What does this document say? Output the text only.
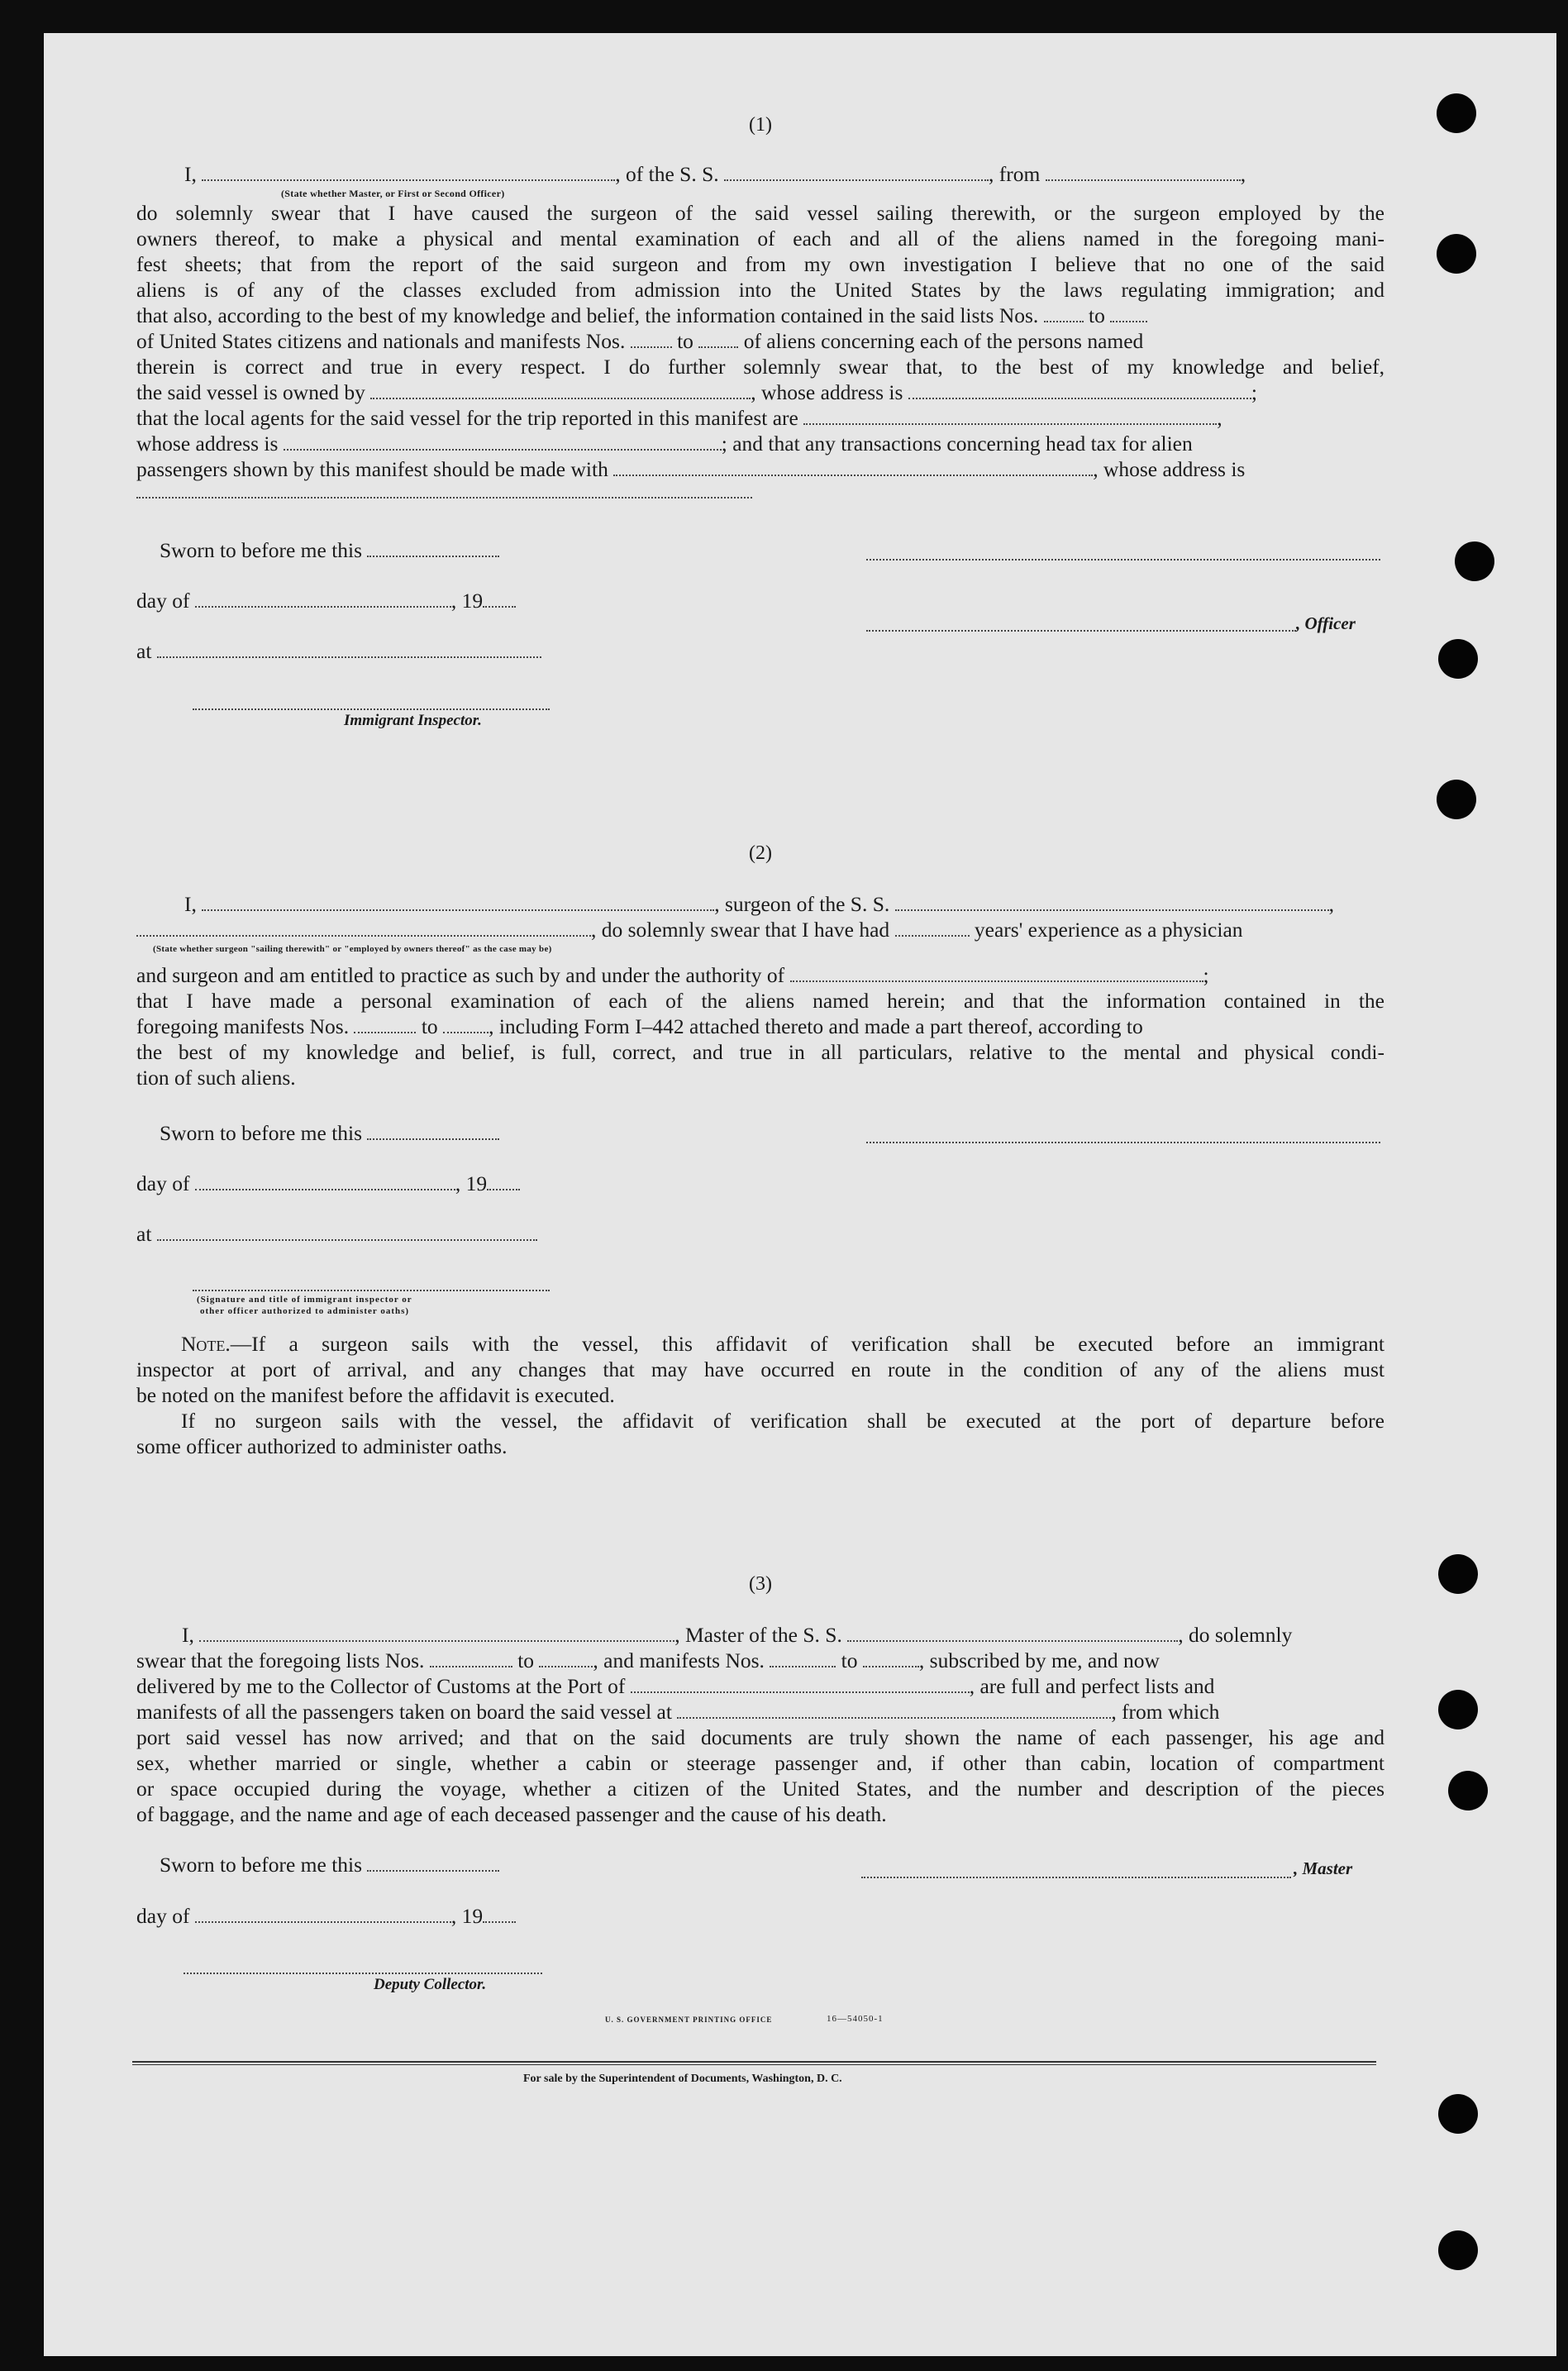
(1)
I,	, of the S. S.	, from	,
(State whether Master, or First or Second Officer)
do solemnly swear that I have caused the surgeon of the said vessel sailing therewith, or the surgeon employed by the
owners thereof, to make a physical and mental examination of each and all of the aliens named in the foregoing mani-
fest sheets; that from the report of the said surgeon and from my own investigation I believe that no one of the said
aliens is of any of the classes excluded from admission into the United States by the laws regulating immigration; and
that also, according to the best of my knowledge and belief, the information contained in the said lists Nos. to
of United States citizens and nationals and manifests Nos. to of aliens concerning each of the persons named
therein is correct and true in every respect. I do further solemnly swear that, to the best of my knowledge and belief,
the said vessel is owned by	, whose address is	;
that the local agents for the said vessel for the trip reported in this manifest are	,
whose address is	; and that any transactions concerning head tax for alien
passengers shown by this manifest should be made with	, whose address is
Sworn to before me this
day of	, 19
at
, Officer
Immigrant Inspector.
(2)
I,	, surgeon of the S. S.	,
, do solemnly swear that I have had	years' experience as a physician
(State whether surgeon "sailing therewith" or "employed by owners thereof" as the case may be)
and surgeon and am entitled to practice as such by and under the authority of	;
that I have made a personal examination of each of the aliens named herein; and that the information contained in the
foregoing manifests Nos.	to , including Form I–442 attached thereto and made a part thereof, according to
the best of my knowledge and belief, is full, correct, and true in all particulars, relative to the mental and physical condi-
tion of such aliens.
Sworn to before me this
day of	, 19
at
(Signature and title of immigrant inspector or
other officer authorized to administer oaths)
Note.—If a surgeon sails with the vessel, this affidavit of verification shall be executed before an immigrant
inspector at port of arrival, and any changes that may have occurred en route in the condition of any of the aliens must
be noted on the manifest before the affidavit is executed.
If no surgeon sails with the vessel, the affidavit of verification shall be executed at the port of departure before
some officer authorized to administer oaths.
(3)
I,	, Master of the S. S.	, do solemnly
swear that the foregoing lists Nos.	to	, and manifests Nos.	to	, subscribed by me, and now
delivered by me to the Collector of Customs at the Port of	, are full and perfect lists and
manifests of all the passengers taken on board the said vessel at	, from which
port said vessel has now arrived; and that on the said documents are truly shown the name of each passenger, his age and
sex, whether married or single, whether a cabin or steerage passenger and, if other than cabin, location of compartment
or space occupied during the voyage, whether a citizen of the United States, and the number and description of the pieces
of baggage, and the name and age of each deceased passenger and the cause of his death.
Sworn to before me this
day of	, 19
, Master
Deputy Collector.
U. S. GOVERNMENT PRINTING OFFICE	16—54050-1
For sale by the Superintendent of Documents, Washington, D. C.
